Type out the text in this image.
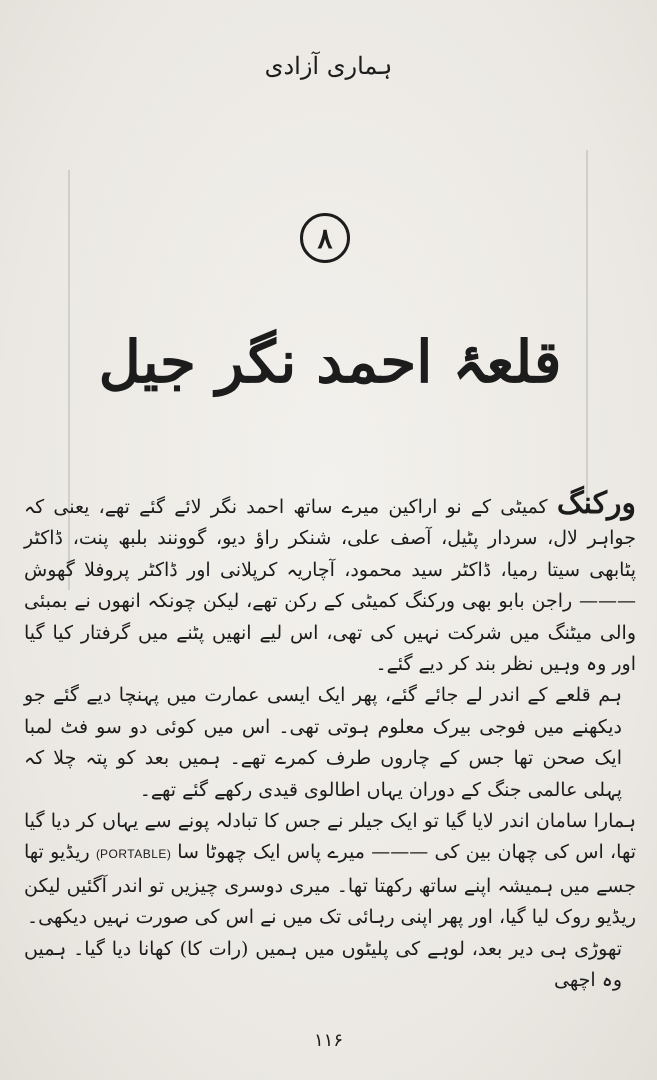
ہماری آزادی
۸
قلعۂ احمد نگر جیل

ورکنگ کمیٹی کے نو اراکین میرے ساتھ احمد نگر لائے گئے تھے، یعنی کہ جواہر لال، سردار پٹیل، آصف علی، شنکر راؤ دیو، گوونند بلبھ پنت، ڈاکٹر پٹابھی سیتا رمیا، ڈاکٹر سید محمود، آچاریہ کرپلانی اور ڈاکٹر پروفلا گھوش ——— راجن بابو بھی ورکنگ کمیٹی کے رکن تھے، لیکن چونکہ انھوں نے بمبئی والی میٹنگ میں شرکت نہیں کی تھی، اس لیے انھیں پٹنے میں گرفتار کیا گیا اور وہ وہیں نظر بند کر دیے گئے۔

ہم قلعے کے اندر لے جائے گئے، پھر ایک ایسی عمارت میں پہنچا دیے گئے جو دیکھنے میں فوجی بیرک معلوم ہوتی تھی۔ اس میں کوئی دو سو فٹ لمبا ایک صحن تھا جس کے چاروں طرف کمرے تھے۔ ہمیں بعد کو پتہ چلا کہ پہلی عالمی جنگ کے دوران یہاں اطالوی قیدی رکھے گئے تھے۔

ہمارا سامان اندر لایا گیا تو ایک جیلر نے جس کا تبادلہ پونے سے یہاں کر دیا گیا تھا، اس کی چھان بین کی ——— میرے پاس ایک چھوٹا سا (PORTABLE) ریڈیو تھا جسے میں ہمیشہ اپنے ساتھ رکھتا تھا۔ میری دوسری چیزیں تو اندر آگئیں لیکن ریڈیو روک لیا گیا، اور پھر اپنی رہائی تک میں نے اس کی صورت نہیں دیکھی۔

تھوڑی ہی دیر بعد، لوہے کی پلیٹوں میں ہمیں (رات کا) کھانا دیا گیا۔ ہمیں وہ اچھی

۱۱۶
